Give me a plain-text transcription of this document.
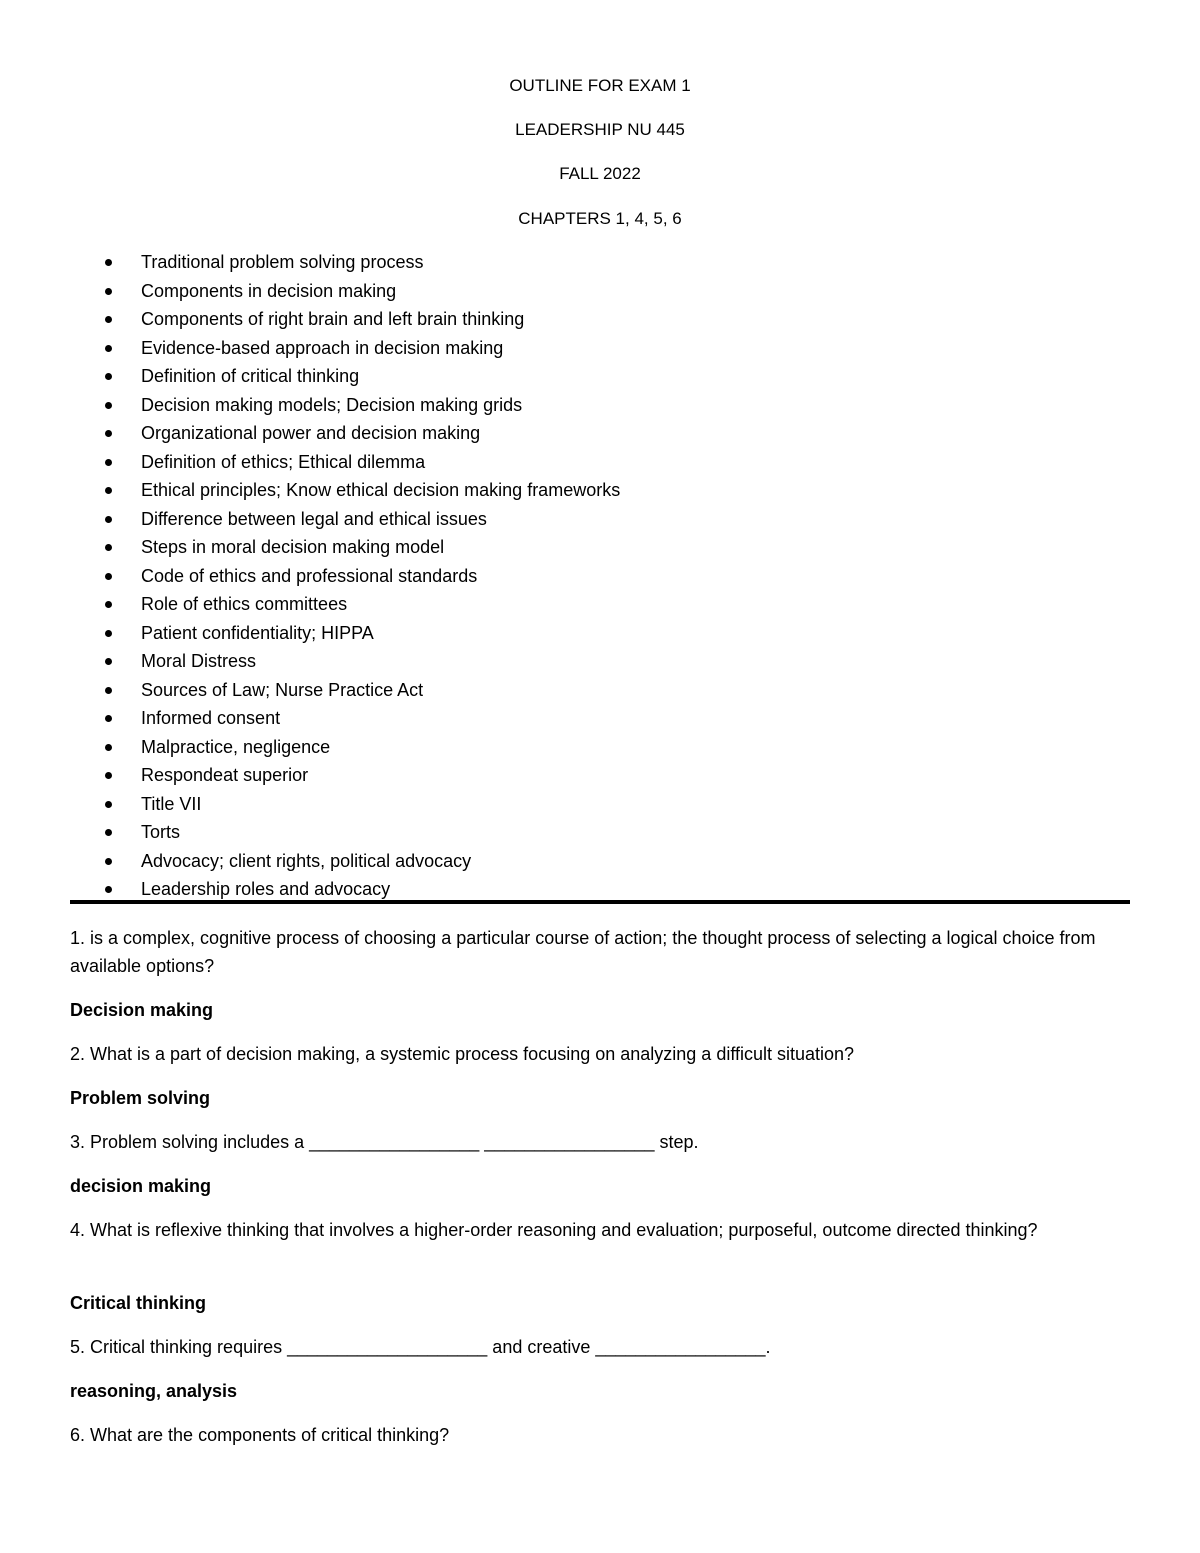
OUTLINE FOR EXAM 1
LEADERSHIP NU 445
FALL 2022
CHAPTERS 1, 4, 5, 6
Traditional problem solving process
Components in decision making
Components of right brain and left brain thinking
Evidence-based approach in decision making
Definition of critical thinking
Decision making models; Decision making grids
Organizational power and decision making
Definition of ethics; Ethical dilemma
Ethical principles; Know ethical decision making frameworks
Difference between legal and ethical issues
Steps in moral decision making model
Code of ethics and professional standards
Role of ethics committees
Patient confidentiality; HIPPA
Moral Distress
Sources of Law; Nurse Practice Act
Informed consent
Malpractice, negligence
Respondeat superior
Title VII
Torts
Advocacy; client rights, political advocacy
Leadership roles and advocacy
1. is a complex, cognitive process of choosing a particular course of action; the thought process of selecting a logical choice from available options?
Decision making
2. What is a part of decision making, a systemic process focusing on analyzing a difficult situation?
Problem solving
3. Problem solving includes a _________________ _________________ step.
decision making
4. What is reflexive thinking that involves a higher-order reasoning and evaluation; purposeful, outcome directed thinking?
Critical thinking
5. Critical thinking requires ____________________ and creative _________________.
reasoning, analysis
6. What are the components of critical thinking?
